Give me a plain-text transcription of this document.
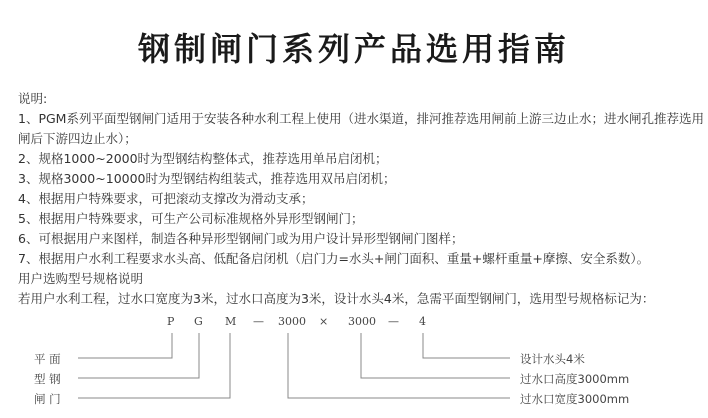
钢制闸门系列产品选用指南
说明:
1、PGM系列平面型钢闸门适用于安装各种水利工程上使用（进水渠道，排河推荐选用闸前上游三边止水；进水闸孔推荐选用
闸后下游四边止水）；
2、规格1000~2000时为型钢结构整体式，推荐选用单吊启闭机；
3、规格3000~10000时为型钢结构组装式，推荐选用双吊启闭机；
4、根据用户特殊要求，可把滚动支撑改为滑动支承；
5、根据用户特殊要求，可生产公司标准规格外异形型钢闸门；
6、可根据用户来图样，制造各种异形型钢闸门或为用户设计异形型钢闸门图样；
7、根据用户水利工程要求水头高、低配备启闭机（启门力=水头+闸门面积、重量+螺杆重量+摩擦、安全系数）。
用户选购型号规格说明
若用户水利工程，过水口宽度为3米，过水口高度为3米，设计水头4米，急需平面型钢闸门，选用型号规格标记为：
P G M — 3000 × 3000 — 4
平 面
型 钢
闸 门
设计水头4米
过水口高度3000mm
过水口宽度3000mm
